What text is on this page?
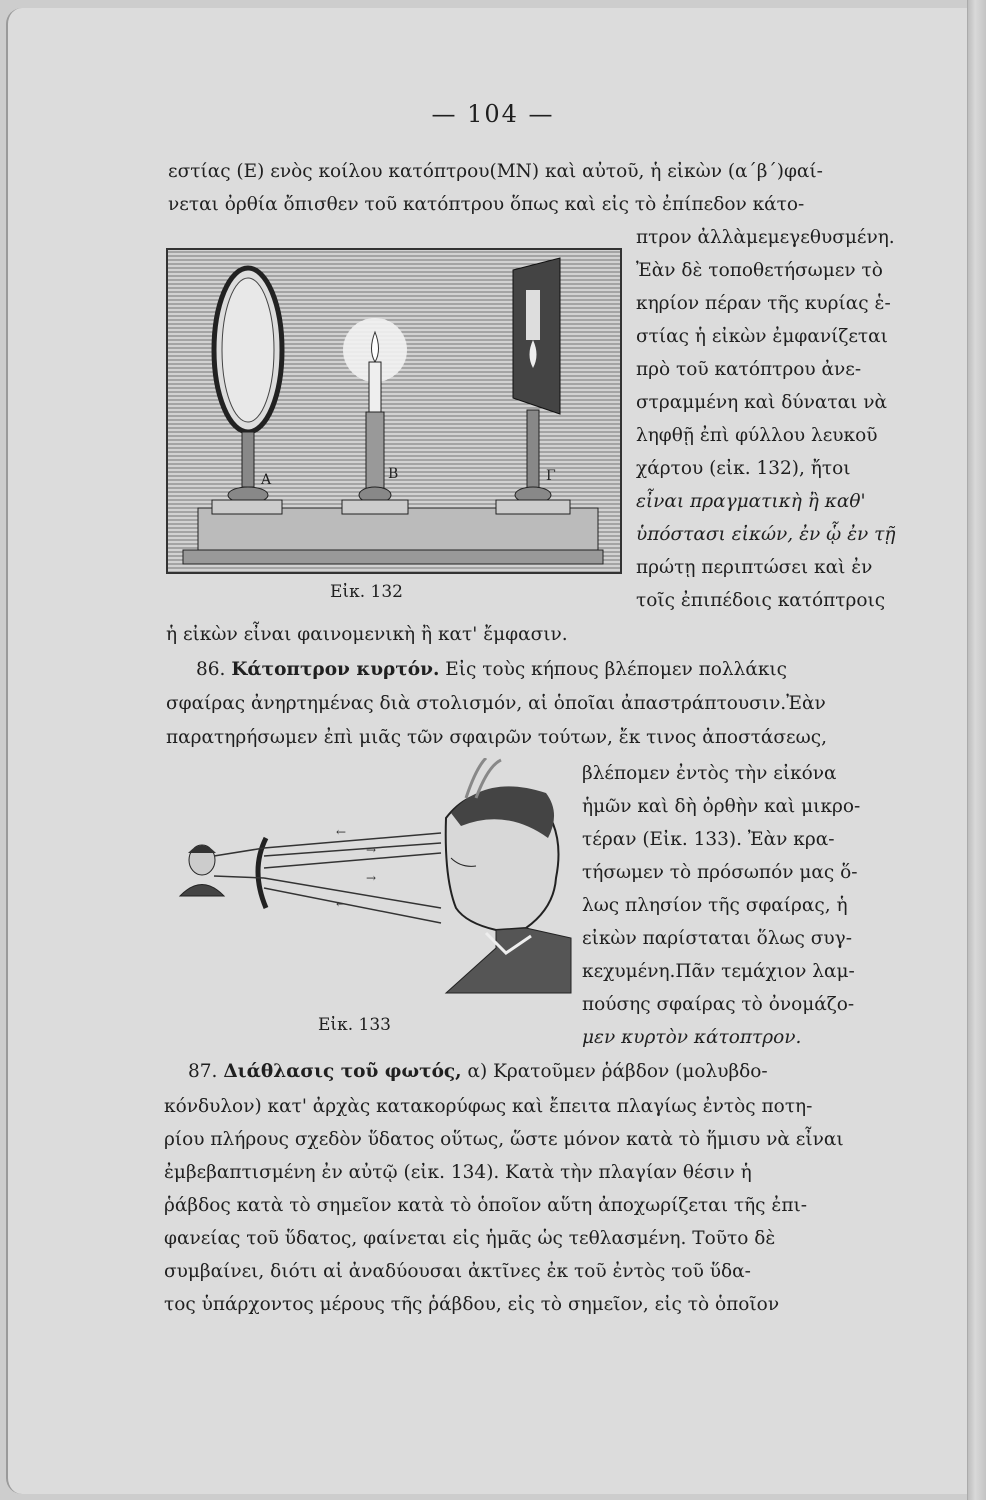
— 104 —
εστίας (Ε) ενὸς κοίλου κατόπτρου(ΜΝ) καὶ αὐτοῦ, ἡ εἰκὼν (α΄β΄)φαί-
νεται ὀρθία ὄπισθεν τοῦ κατόπτρου ὅπως καὶ εἰς τὸ ἐπίπεδον κάτο-
Α	Β	Γ
Εἰκ. 132
πτρον ἀλλὰμεμεγεθυσμένη.
Ἐὰν δὲ τοποθετήσωμεν τὸ
κηρίον πέραν τῆς κυρίας ἑ-
στίας ἡ εἰκὼν ἐμφανίζεται
πρὸ τοῦ κατόπτρου ἀνε-
στραμμένη καὶ δύναται νὰ
ληφθῇ ἐπὶ φύλλου λευκοῦ
χάρτου (εἰκ. 132), ἤτοι
εἶναι πραγματικὴ ἢ καθ'
ὑπόστασι εἰκών, ἐν ᾧ ἐν τῇ
πρώτῃ περιπτώσει καὶ ἐν
τοῖς ἐπιπέδοις κατόπτροις
ἡ εἰκὼν εἶναι φαινομενικὴ ἢ κατ' ἔμφασιν.
86. Κάτοπτρον κυρτόν. Εἰς τοὺς κήπους βλέπομεν πολλάκις
σφαίρας ἀνηρτημένας διὰ στολισμόν, αἱ ὁποῖαι ἀπαστράπτουσιν.Ἐὰν
παρατηρήσωμεν ἐπὶ μιᾶς τῶν σφαιρῶν τούτων, ἔκ τινος ἀποστάσεως,
←
→
→
←
Εἰκ. 133
βλέπομεν ἐντὸς τὴν εἰκόνα
ἡμῶν καὶ δὴ ὀρθὴν καὶ μικρο-
τέραν (Εἰκ. 133). Ἐὰν κρα-
τήσωμεν τὸ πρόσωπόν μας ὅ-
λως πλησίον τῆς σφαίρας, ἡ
εἰκὼν παρίσταται ὅλως συγ-
κεχυμένη.Πᾶν τεμάχιον λαμ-
πούσης σφαίρας τὸ ὀνομάζο-
μεν κυρτὸν κάτοπτρον.
87. Διάθλασις τοῦ φωτός, α) Κρατοῦμεν ῥάβδον (μολυβδο-
κόνδυλον) κατ' ἀρχὰς κατακορύφως καὶ ἔπειτα πλαγίως ἐντὸς ποτη-
ρίου πλήρους σχεδὸν ὕδατος οὕτως, ὥστε μόνον κατὰ τὸ ἥμισυ νὰ εἶναι
ἐμβεβαπτισμένη ἐν αὐτῷ (εἰκ. 134). Κατὰ τὴν πλαγίαν θέσιν ἡ
ῥάβδος κατὰ τὸ σημεῖον κατὰ τὸ ὁποῖον αὕτη ἀποχωρίζεται τῆς ἐπι-
φανείας τοῦ ὕδατος, φαίνεται εἰς ἡμᾶς ὡς τεθλασμένη. Τοῦτο δὲ
συμβαίνει, διότι αἱ ἀναδύουσαι ἀκτῖνες ἐκ τοῦ ἐντὸς τοῦ ὕδα-
τος ὑπάρχοντος μέρους τῆς ῥάβδου, εἰς τὸ σημεῖον, εἰς τὸ ὁποῖον
